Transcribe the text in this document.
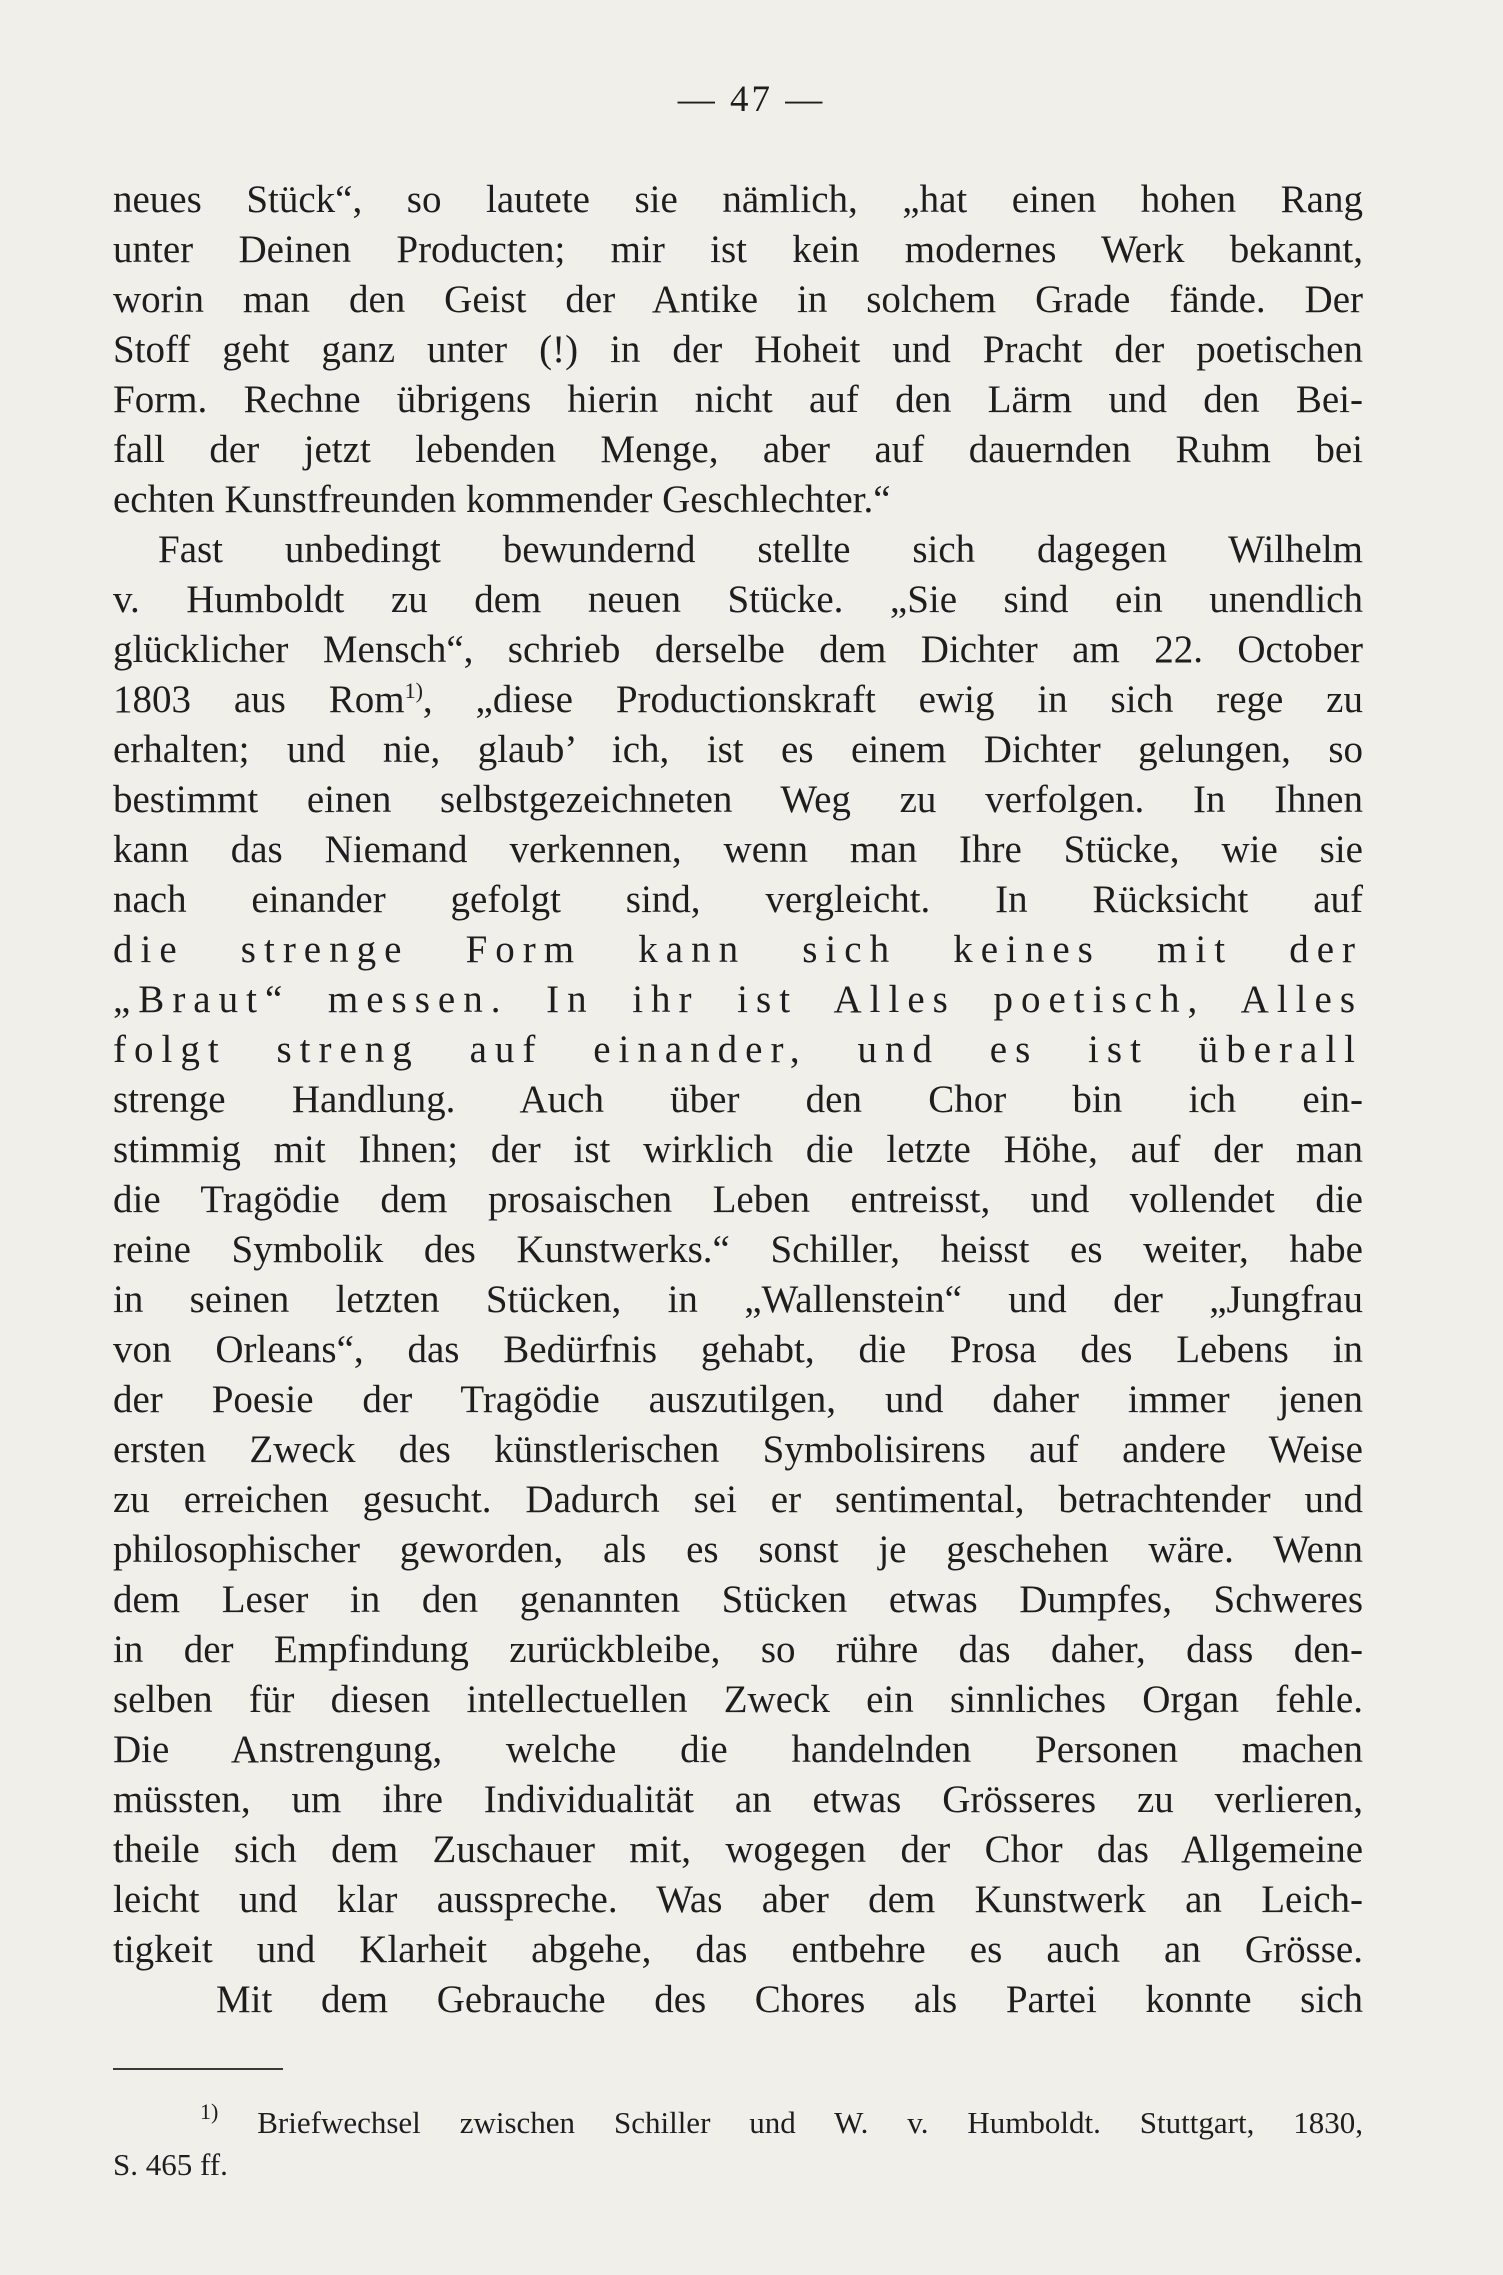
— 47 —
neues Stück“, so lautete sie nämlich, „hat einen hohen Rang
unter Deinen Producten; mir ist kein modernes Werk bekannt,
worin man den Geist der Antike in solchem Grade fände. Der
Stoff geht ganz unter (!) in der Hoheit und Pracht der poetischen
Form. Rechne übrigens hierin nicht auf den Lärm und den Bei-
fall der jetzt lebenden Menge, aber auf dauernden Ruhm bei
echten Kunstfreunden kommender Geschlechter.“
Fast unbedingt bewundernd stellte sich dagegen Wilhelm
v. Humboldt zu dem neuen Stücke. „Sie sind ein unendlich
glücklicher Mensch“, schrieb derselbe dem Dichter am 22. October
1803 aus Rom$^{1)}$, „diese Productionskraft ewig in sich rege zu
erhalten; und nie, glaub’ ich, ist es einem Dichter gelungen, so
bestimmt einen selbstgezeichneten Weg zu verfolgen. In Ihnen
kann das Niemand verkennen, wenn man Ihre Stücke, wie sie
nach einander gefolgt sind, vergleicht. In Rücksicht auf
die strenge Form kann sich keines mit der
„Braut“ messen. In ihr ist Alles poetisch, Alles
folgt streng auf einander, und es ist überall
strenge Handlung. Auch über den Chor bin ich ein-
stimmig mit Ihnen; der ist wirklich die letzte Höhe, auf der man
die Tragödie dem prosaischen Leben entreisst, und vollendet die
reine Symbolik des Kunstwerks.“ Schiller, heisst es weiter, habe
in seinen letzten Stücken, in „Wallenstein“ und der „Jungfrau
von Orleans“, das Bedürfnis gehabt, die Prosa des Lebens in
der Poesie der Tragödie auszutilgen, und daher immer jenen
ersten Zweck des künstlerischen Symbolisirens auf andere Weise
zu erreichen gesucht. Dadurch sei er sentimental, betrachtender und
philosophischer geworden, als es sonst je geschehen wäre. Wenn
dem Leser in den genannten Stücken etwas Dumpfes, Schweres
in der Empfindung zurückbleibe, so rühre das daher, dass den-
selben für diesen intellectuellen Zweck ein sinnliches Organ fehle.
Die Anstrengung, welche die handelnden Personen machen
müssten, um ihre Individualität an etwas Grösseres zu verlieren,
theile sich dem Zuschauer mit, wogegen der Chor das Allgemeine
leicht und klar ausspreche. Was aber dem Kunstwerk an Leich-
tigkeit und Klarheit abgehe, das entbehre es auch an Grösse.
Mit dem Gebrauche des Chores als Partei konnte sich
$^{1)}$ Briefwechsel zwischen Schiller und W. v. Humboldt. Stuttgart, 1830,
S. 465 ff.
